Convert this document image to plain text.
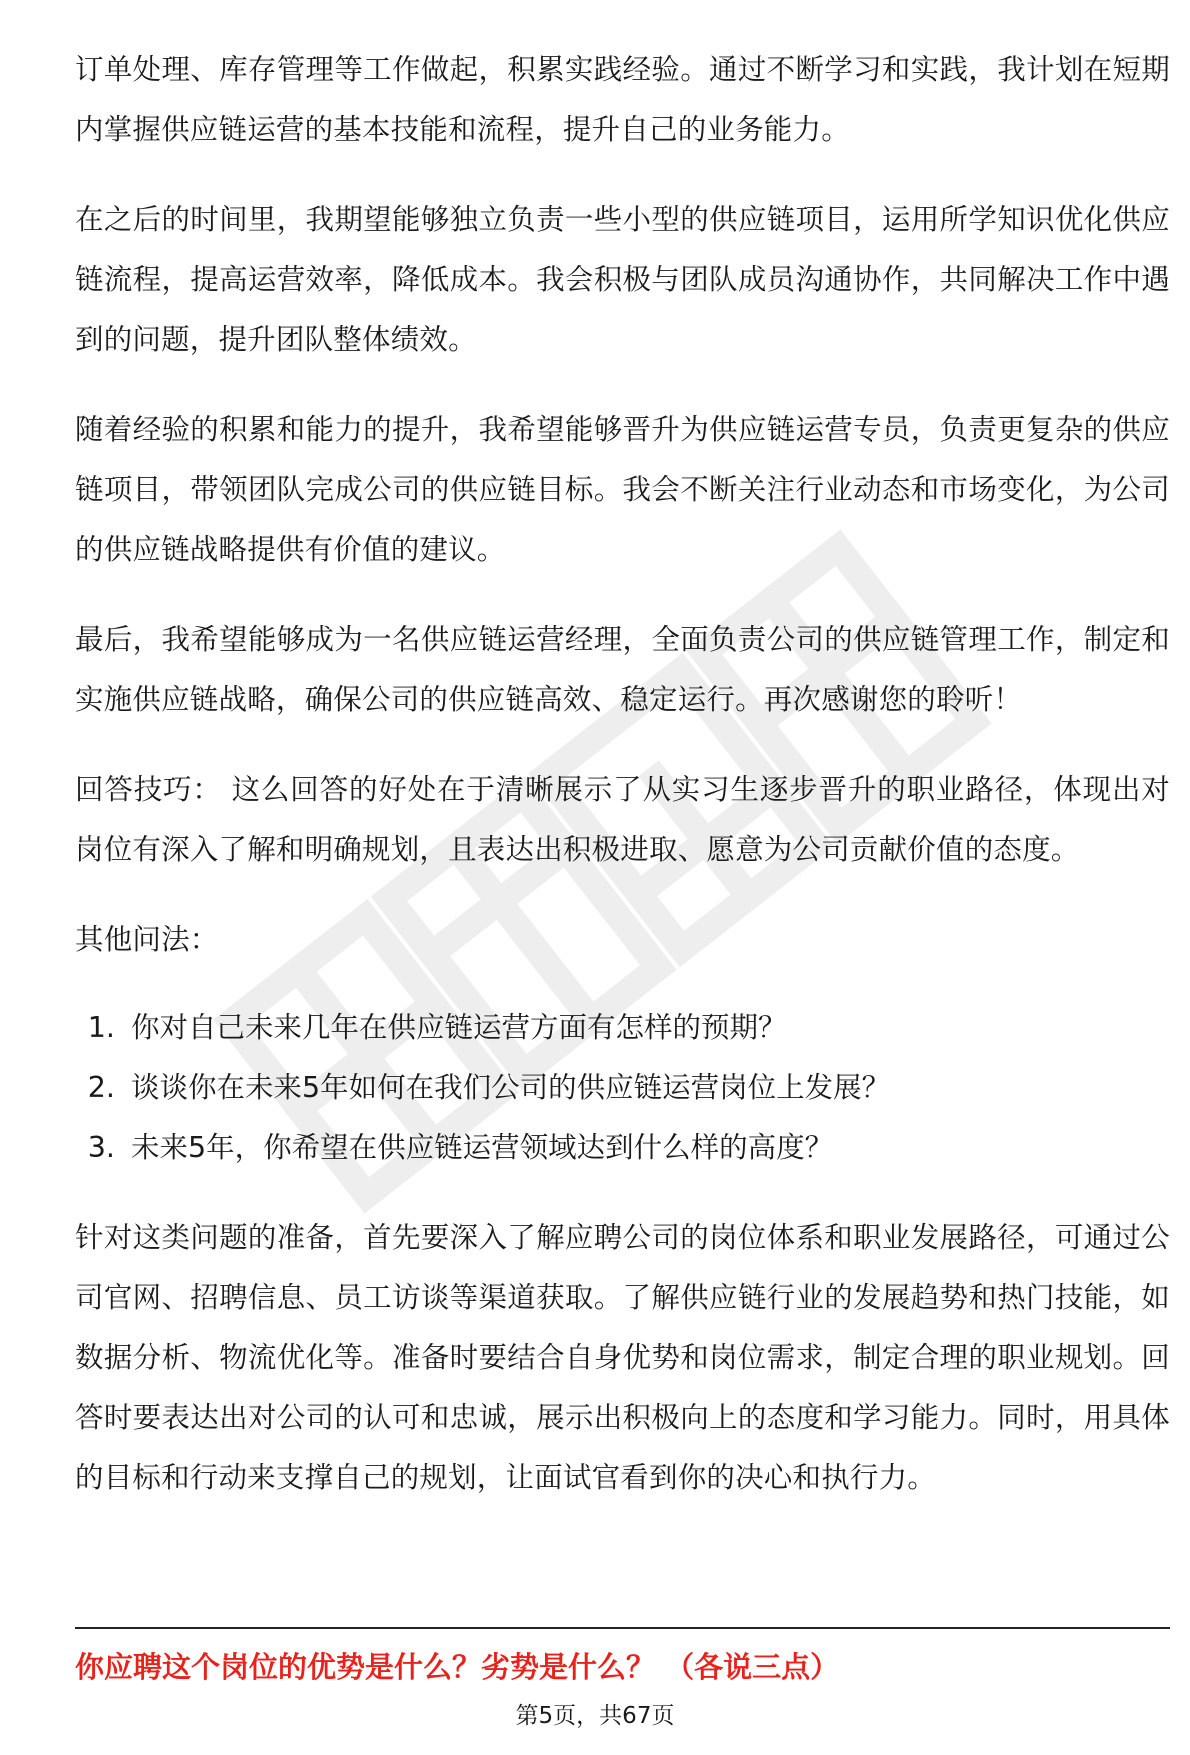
订单处理、库存管理等工作做起，积累实践经验。通过不断学习和实践，我计划在短期内掌握供应链运营的基本技能和流程，提升自己的业务能力。

在之后的时间里，我期望能够独立负责一些小型的供应链项目，运用所学知识优化供应链流程，提高运营效率，降低成本。我会积极与团队成员沟通协作，共同解决工作中遇到的问题，提升团队整体绩效。

随着经验的积累和能力的提升，我希望能够晋升为供应链运营专员，负责更复杂的供应链项目，带领团队完成公司的供应链目标。我会不断关注行业动态和市场变化，为公司的供应链战略提供有价值的建议。

最后，我希望能够成为一名供应链运营经理，全面负责公司的供应链管理工作，制定和实施供应链战略，确保公司的供应链高效、稳定运行。再次感谢您的聆听！

回答技巧： 这么回答的好处在于清晰展示了从实习生逐步晋升的职业路径，体现出对岗位有深入了解和明确规划，且表达出积极进取、愿意为公司贡献价值的态度。

其他问法：

1. 你对自己未来几年在供应链运营方面有怎样的预期？
2. 谈谈你在未来5年如何在我们公司的供应链运营岗位上发展？
3. 未来5年，你希望在供应链运营领域达到什么样的高度？

针对这类问题的准备，首先要深入了解应聘公司的岗位体系和职业发展路径，可通过公司官网、招聘信息、员工访谈等渠道获取。了解供应链行业的发展趋势和热门技能，如数据分析、物流优化等。准备时要结合自身优势和岗位需求，制定合理的职业规划。回答时要表达出对公司的认可和忠诚，展示出积极向上的态度和学习能力。同时，用具体的目标和行动来支撑自己的规划，让面试官看到你的决心和执行力。

你应聘这个岗位的优势是什么？劣势是什么？ （各说三点）
第5页，共67页
